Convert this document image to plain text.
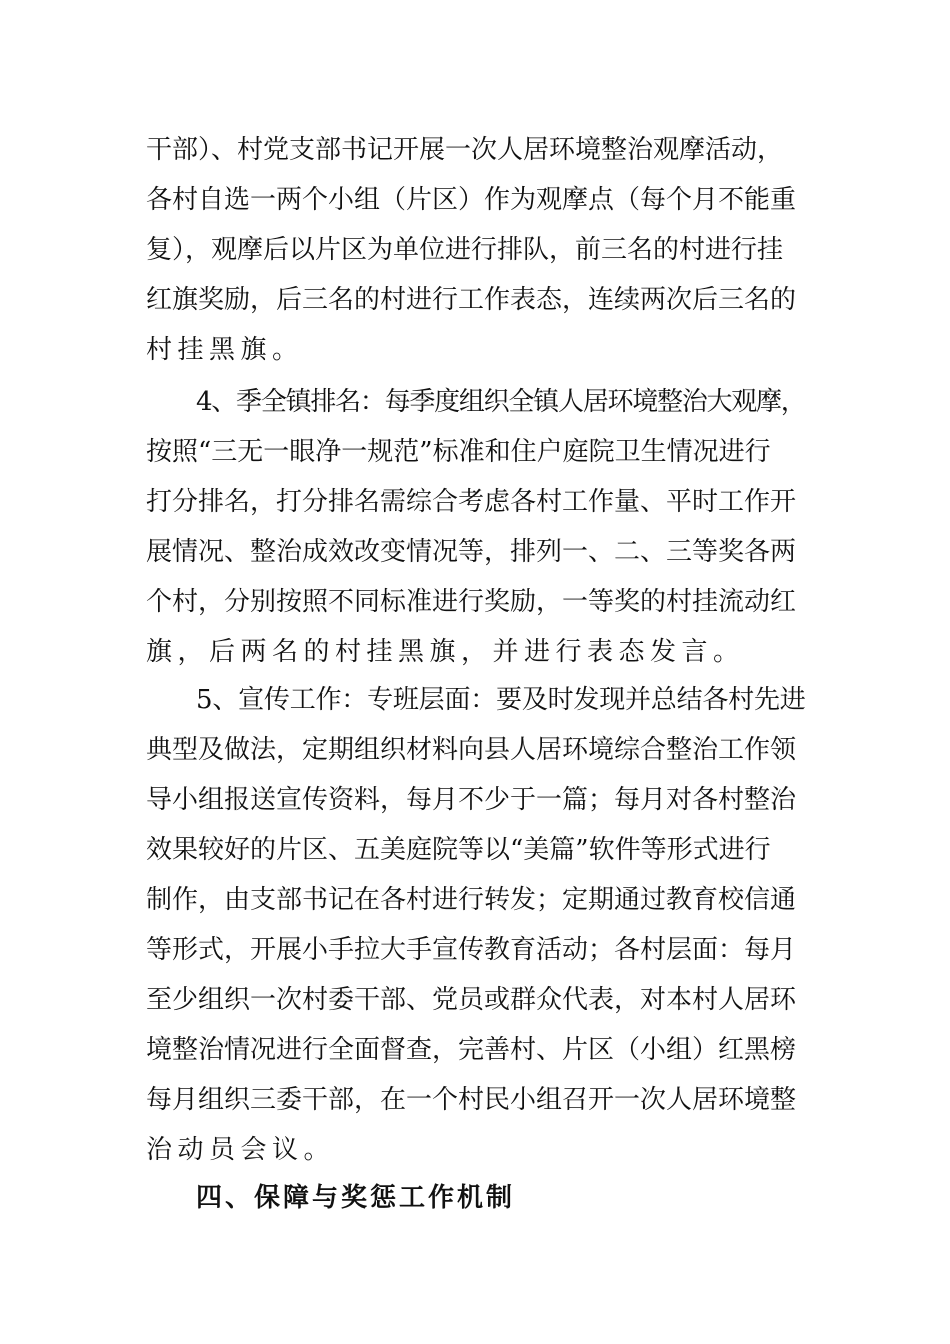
干部）、村党支部书记开展一次人居环境整治观摩活动，
各村自选一两个小组（片区）作为观摩点（每个月不能重
复），观摩后以片区为单位进行排队，前三名的村进行挂
红旗奖励，后三名的村进行工作表态，连续两次后三名的
村挂黑旗。
4、季全镇排名：每季度组织全镇人居环境整治大观摩，
按照“三无一眼净一规范”标准和住户庭院卫生情况进行
打分排名，打分排名需综合考虑各村工作量、平时工作开
展情况、整治成效改变情况等，排列一、二、三等奖各两
个村，分别按照不同标准进行奖励，一等奖的村挂流动红
旗，后两名的村挂黑旗，并进行表态发言。
5、宣传工作：专班层面：要及时发现并总结各村先进
典型及做法，定期组织材料向县人居环境综合整治工作领
导小组报送宣传资料，每月不少于一篇；每月对各村整治
效果较好的片区、五美庭院等以“美篇”软件等形式进行
制作，由支部书记在各村进行转发；定期通过教育校信通
等形式，开展小手拉大手宣传教育活动；各村层面：每月
至少组织一次村委干部、党员或群众代表，对本村人居环
境整治情况进行全面督查，完善村、片区（小组）红黑榜
每月组织三委干部，在一个村民小组召开一次人居环境整
治动员会议。
四、保障与奖惩工作机制
